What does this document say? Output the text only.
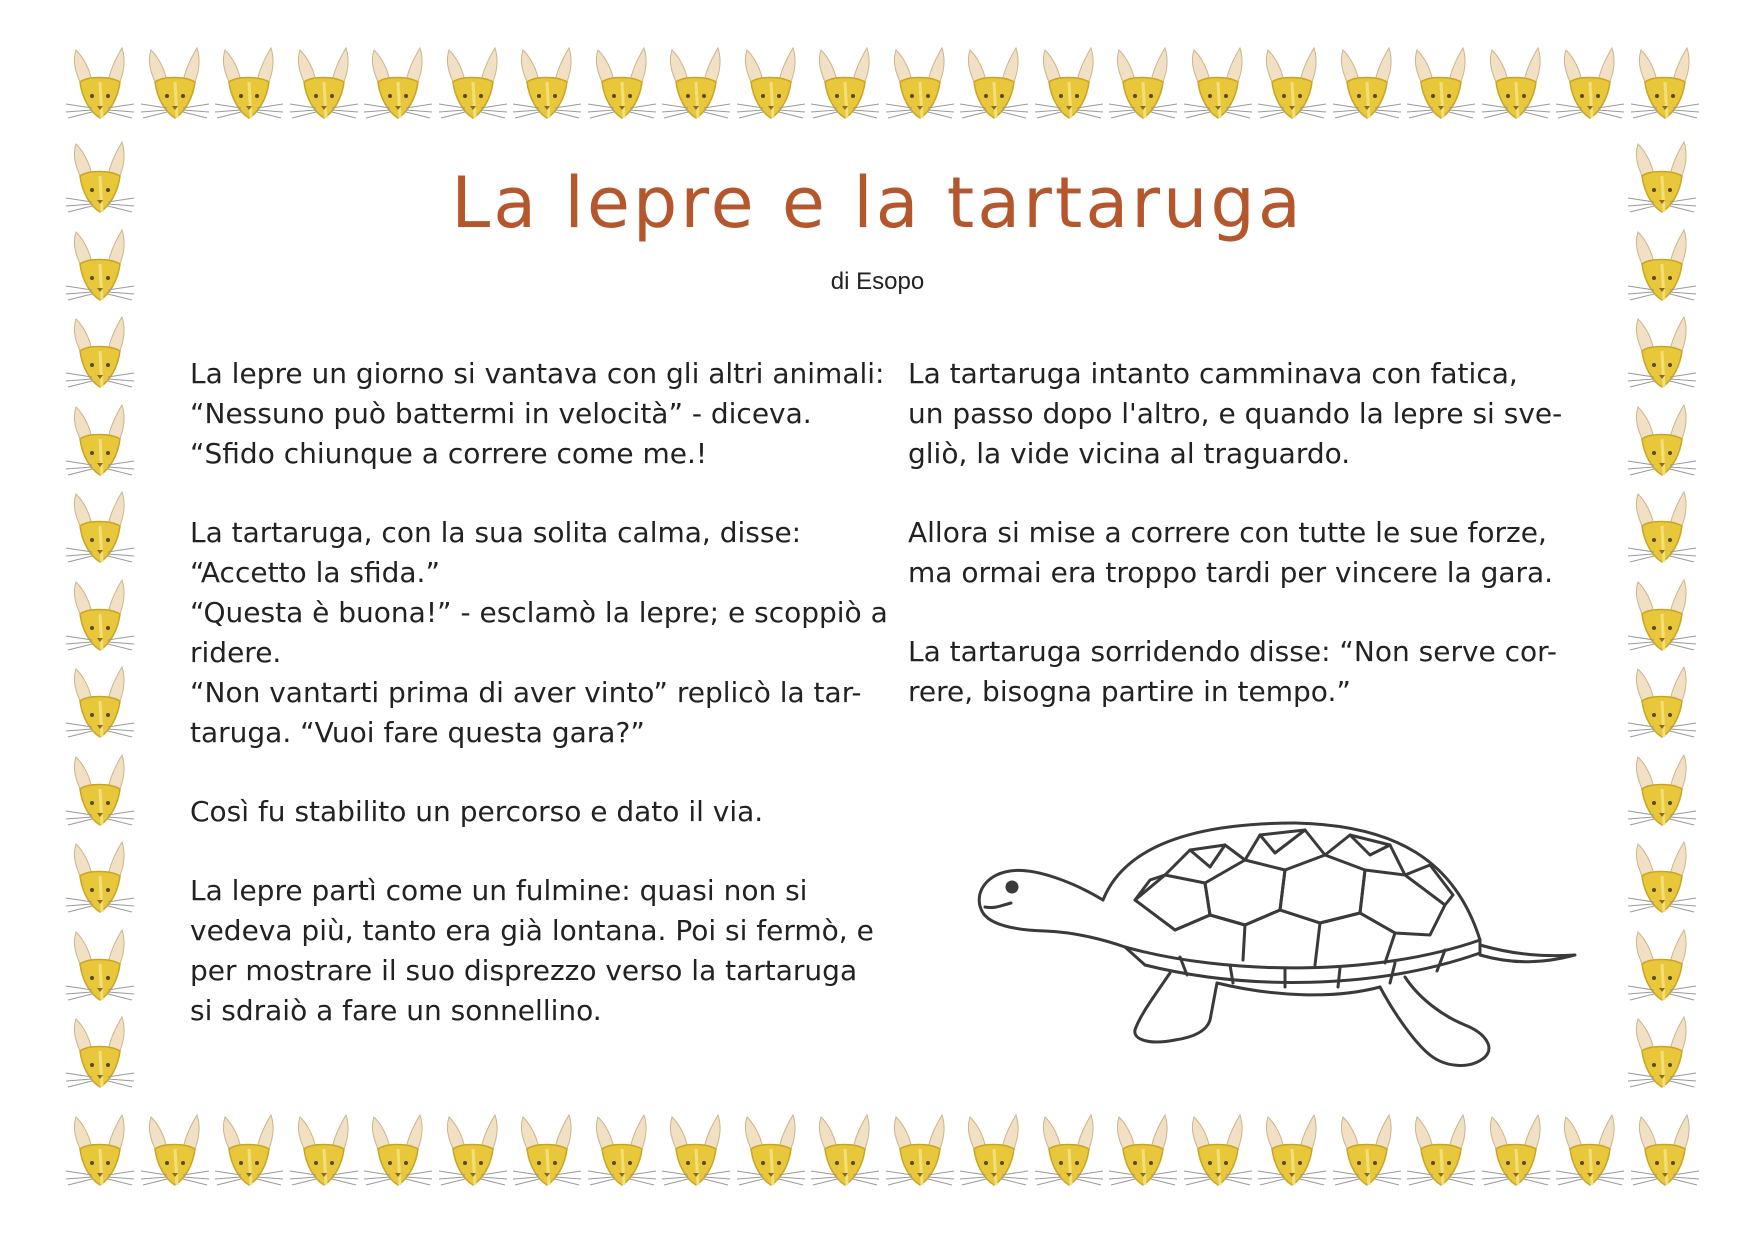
La lepre e la tartaruga
di Esopo

La lepre un giorno si vantava con gli altri animali:
“Nessuno può battermi in velocità” - diceva.
“Sfido chiunque a correre come me.!

La tartaruga, con la sua solita calma, disse:
“Accetto la sfida.”
“Questa è buona!” - esclamò la lepre; e scoppiò a
ridere.
“Non vantarti prima di aver vinto” replicò la tar-
taruga. “Vuoi fare questa gara?”

Così fu stabilito un percorso e dato il via.

La lepre partì come un fulmine: quasi non si
vedeva più, tanto era già lontana. Poi si fermò, e
per mostrare il suo disprezzo verso la tartaruga
si sdraiò a fare un sonnellino.

La tartaruga intanto camminava con fatica,
un passo dopo l'altro, e quando la lepre si sve-
gliò, la vide vicina al traguardo.

Allora si mise a correre con tutte le sue forze,
ma ormai era troppo tardi per vincere la gara.

La tartaruga sorridendo disse: “Non serve cor-
rere, bisogna partire in tempo.”
